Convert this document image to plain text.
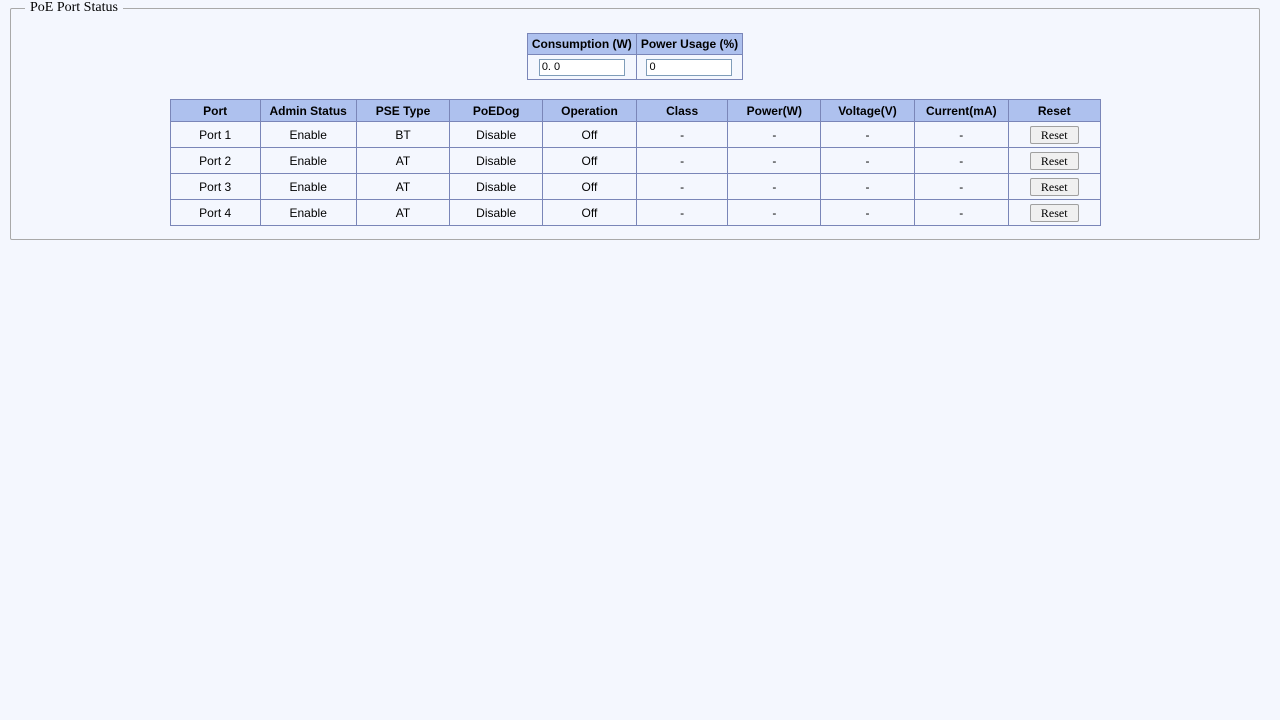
PoE Port Status
Consumption (W)	Power Usage (%)
0. 0	0
Port	Admin Status	PSE Type	PoEDog	Operation	Class	Power(W)	Voltage(V)	Current(mA)	Reset
Port 1	Enable	BT	Disable	Off	-	-	-	-	Reset
Port 2	Enable	AT	Disable	Off	-	-	-	-	Reset
Port 3	Enable	AT	Disable	Off	-	-	-	-	Reset
Port 4	Enable	AT	Disable	Off	-	-	-	-	Reset
